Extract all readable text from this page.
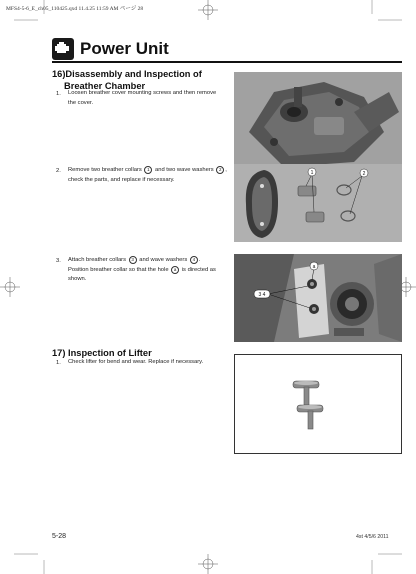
MFS4-5-6_E_ch05_110425.qxd 11.4.25 11:59 AM ページ 28
Power Unit
16)Disassembly and Inspection of
Breather Chamber
1. Loosen breather cover mounting screws and then remove
the cover.
2. Remove two breather collars 1 and two wave washers 2 ,
check the parts, and replace if necessary.
1	2
3. Attach breather collars 3 and wave washers 4 .
Position breather collar so that the hole a is directed as
shown.
a
3 4
17) Inspection of Lifter
1. Check lifter for bend and wear. Replace if necessary.
5-28	4st 4/5/6 2011
